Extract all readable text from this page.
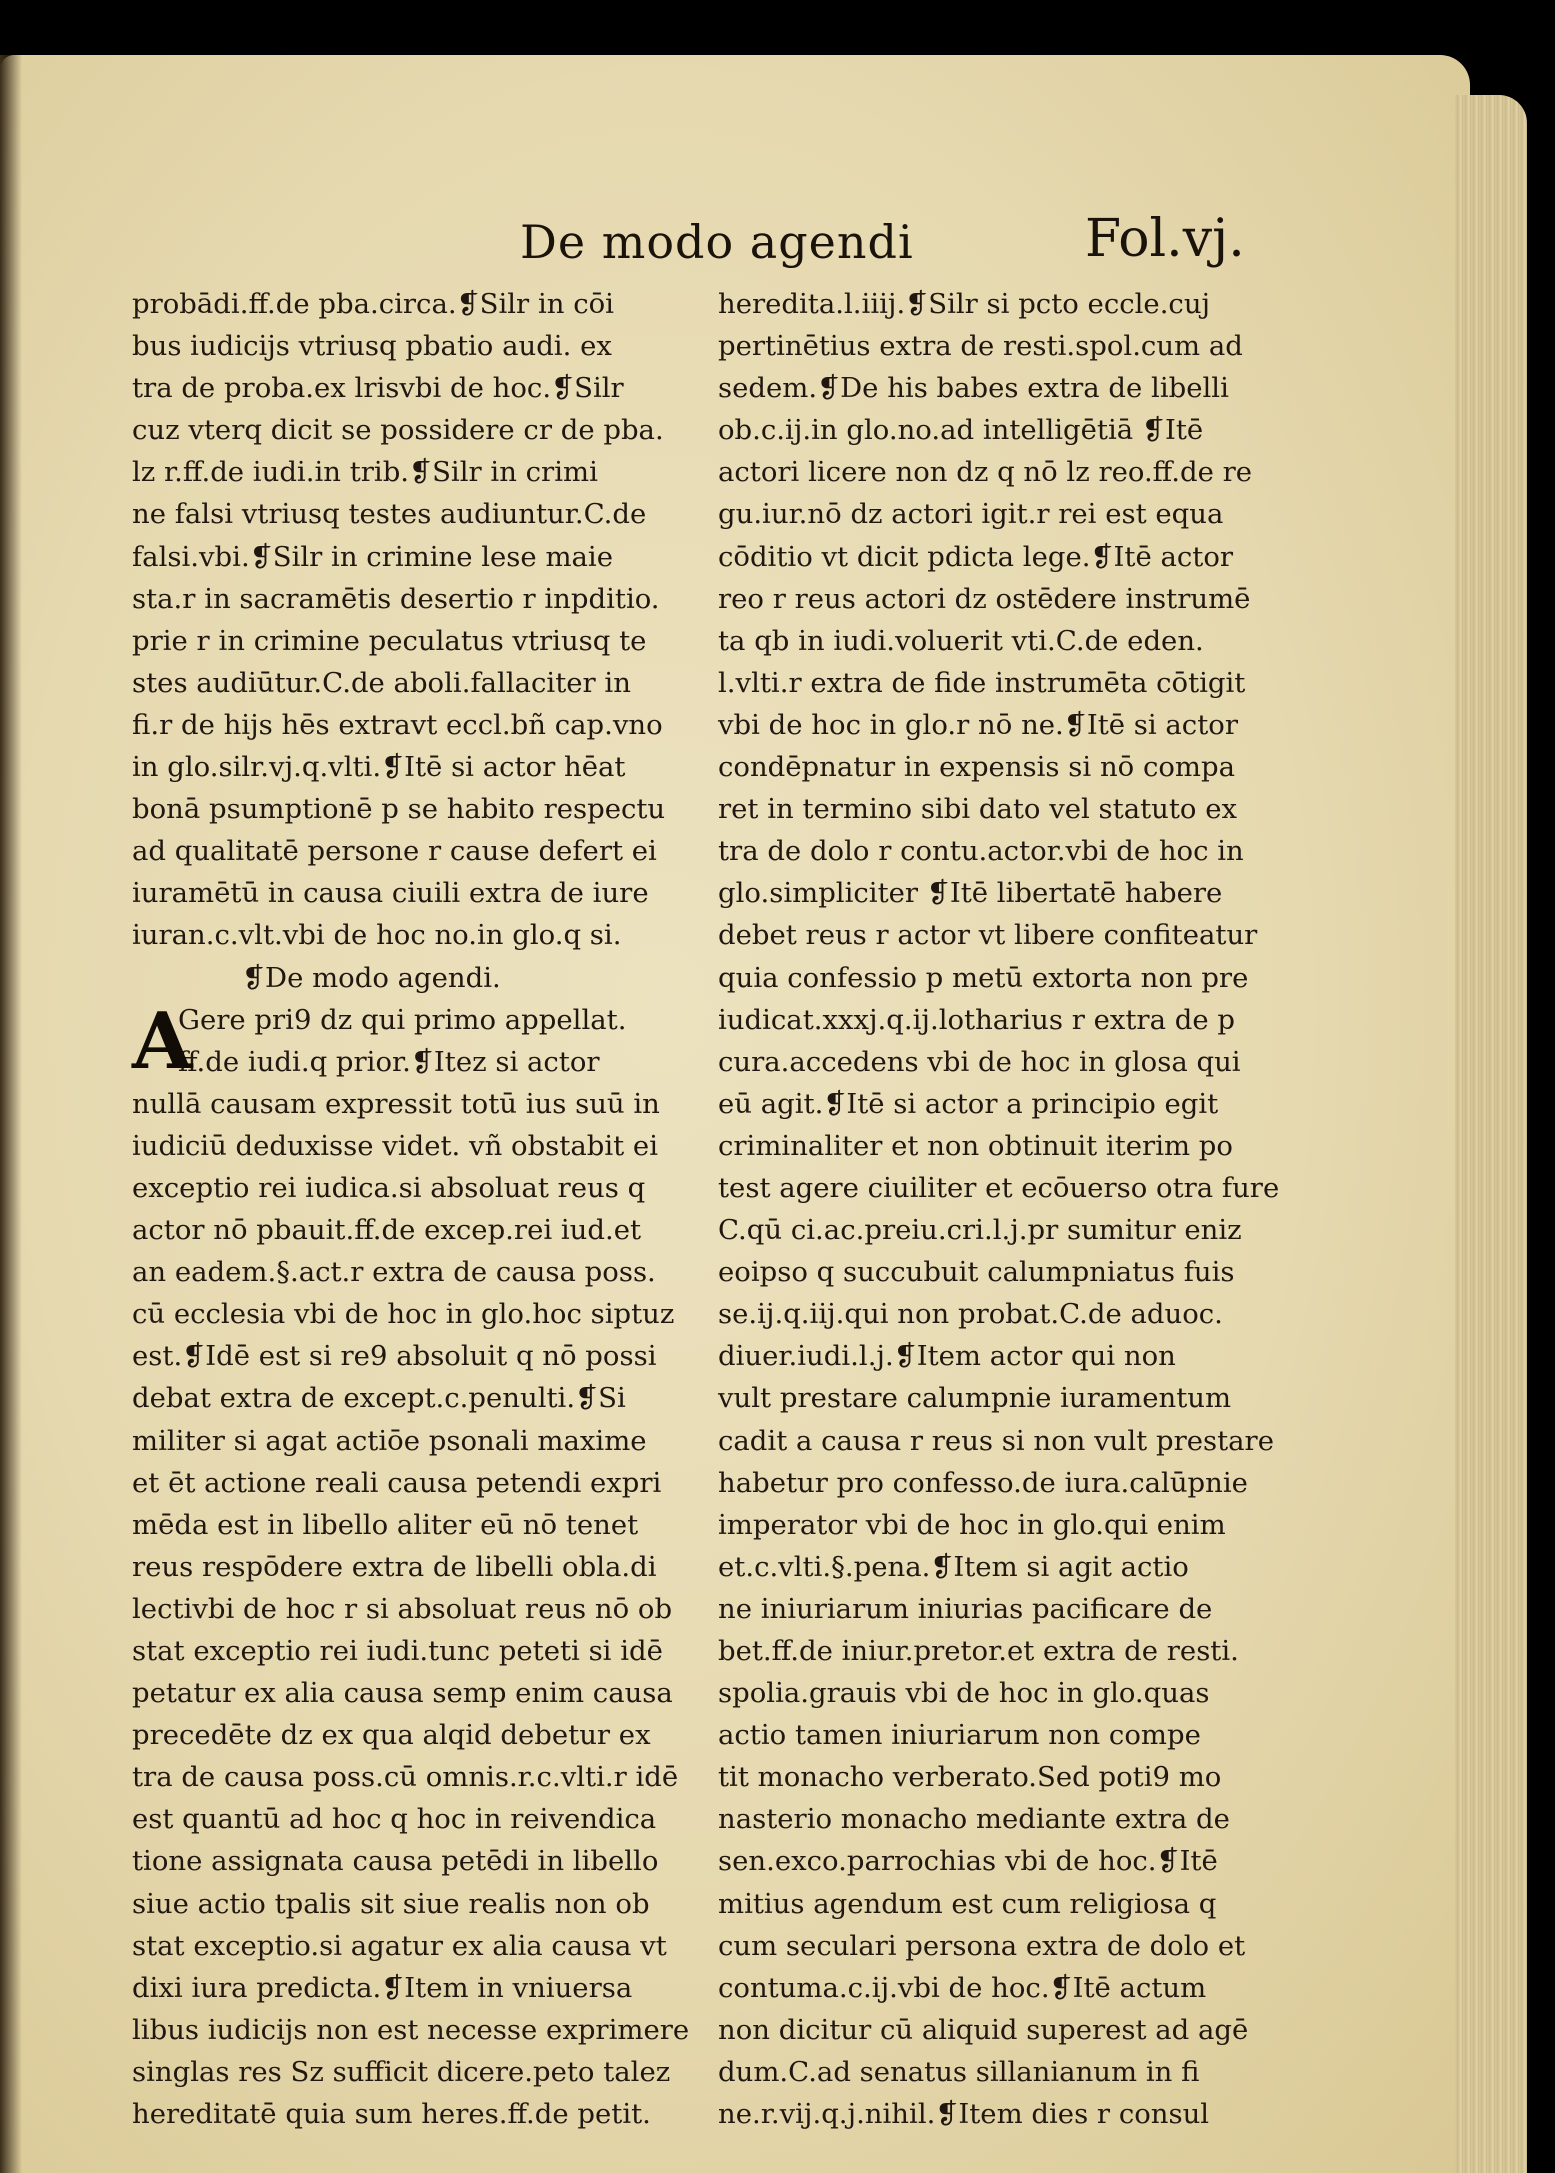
De modo agendi	Fol.vj.
probādi.ff.de pba.circa.❡Silr in cōi
bus iudicijs vtriusq pbatio audi. ex
tra de proba.ex lrisvbi de hoc.❡Silr
cuz vterq dicit se possidere cr de pba.
lz r.ff.de iudi.in trib.❡Silr in crimi
ne falsi vtriusq testes audiuntur.C.de
falsi.vbi.❡Silr in crimine lese maie
sta.r in sacramētis desertio r inpditio.
prie r in crimine peculatus vtriusq te
stes audiūtur.C.de aboli.fallaciter in
fi.r de hijs hēs extravt eccl.bñ cap.vno
in glo.silr.vj.q.vlti.❡Itē si actor hēat
bonā psumptionē p se habito respectu
ad qualitatē persone r cause defert ei
iuramētū in causa ciuili extra de iure
iuran.c.vlt.vbi de hoc no.in glo.q si.
❡De modo agendi.
A
Gere pri9 dz qui primo appellat.
ff.de iudi.q prior.❡Itez si actor
nullā causam expressit totū ius suū in
iudiciū deduxisse videt. vñ obstabit ei
exceptio rei iudica.si absoluat reus q
actor nō pbauit.ff.de excep.rei iud.et
an eadem.§.act.r extra de causa poss.
cū ecclesia vbi de hoc in glo.hoc siptuz
est.❡Idē est si re9 absoluit q nō possi
debat extra de except.c.penulti.❡Si
militer si agat actiōe psonali maxime
et ēt actione reali causa petendi expri
mēda est in libello aliter eū nō tenet
reus respōdere extra de libelli obla.di
lectivbi de hoc r si absoluat reus nō ob
stat exceptio rei iudi.tunc peteti si idē
petatur ex alia causa semp enim causa
precedēte dz ex qua alqid debetur ex
tra de causa poss.cū omnis.r.c.vlti.r idē
est quantū ad hoc q hoc in reivendica
tione assignata causa petēdi in libello
siue actio tpalis sit siue realis non ob
stat exceptio.si agatur ex alia causa vt
dixi iura predicta.❡Item in vniuersa
libus iudicijs non est necesse exprimere
singlas res Sz sufficit dicere.peto talez
hereditatē quia sum heres.ff.de petit.
heredita.l.iiij.❡Silr si pcto eccle.cuj
pertinētius extra de resti.spol.cum ad
sedem.❡De his babes extra de libelli
ob.c.ij.in glo.no.ad intelligētiā ❡Itē
actori licere non dz q nō lz reo.ff.de re
gu.iur.nō dz actori igit.r rei est equa
cōditio vt dicit pdicta lege.❡Itē actor
reo r reus actori dz ostēdere instrumē
ta qb in iudi.voluerit vti.C.de eden.
l.vlti.r extra de fide instrumēta cōtigit
vbi de hoc in glo.r nō ne.❡Itē si actor
condēpnatur in expensis si nō compa
ret in termino sibi dato vel statuto ex
tra de dolo r contu.actor.vbi de hoc in
glo.simpliciter ❡Itē libertatē habere
debet reus r actor vt libere confiteatur
quia confessio p metū extorta non pre
iudicat.xxxj.q.ij.lotharius r extra de p
cura.accedens vbi de hoc in glosa qui
eū agit.❡Itē si actor a principio egit
criminaliter et non obtinuit iterim po
test agere ciuiliter et ecōuerso otra fure
C.qū ci.ac.preiu.cri.l.j.pr sumitur eniz
eoipso q succubuit calumpniatus fuis
se.ij.q.iij.qui non probat.C.de aduoc.
diuer.iudi.l.j.❡Item actor qui non
vult prestare calumpnie iuramentum
cadit a causa r reus si non vult prestare
habetur pro confesso.de iura.calūpnie
imperator vbi de hoc in glo.qui enim
et.c.vlti.§.pena.❡Item si agit actio
ne iniuriarum iniurias pacificare de
bet.ff.de iniur.pretor.et extra de resti.
spolia.grauis vbi de hoc in glo.quas
actio tamen iniuriarum non compe
tit monacho verberato.Sed poti9 mo
nasterio monacho mediante extra de
sen.exco.parrochias vbi de hoc.❡Itē
mitius agendum est cum religiosa q
cum seculari persona extra de dolo et
contuma.c.ij.vbi de hoc.❡Itē actum
non dicitur cū aliquid superest ad agē
dum.C.ad senatus sillanianum in fi
ne.r.vij.q.j.nihil.❡Item dies r consul
